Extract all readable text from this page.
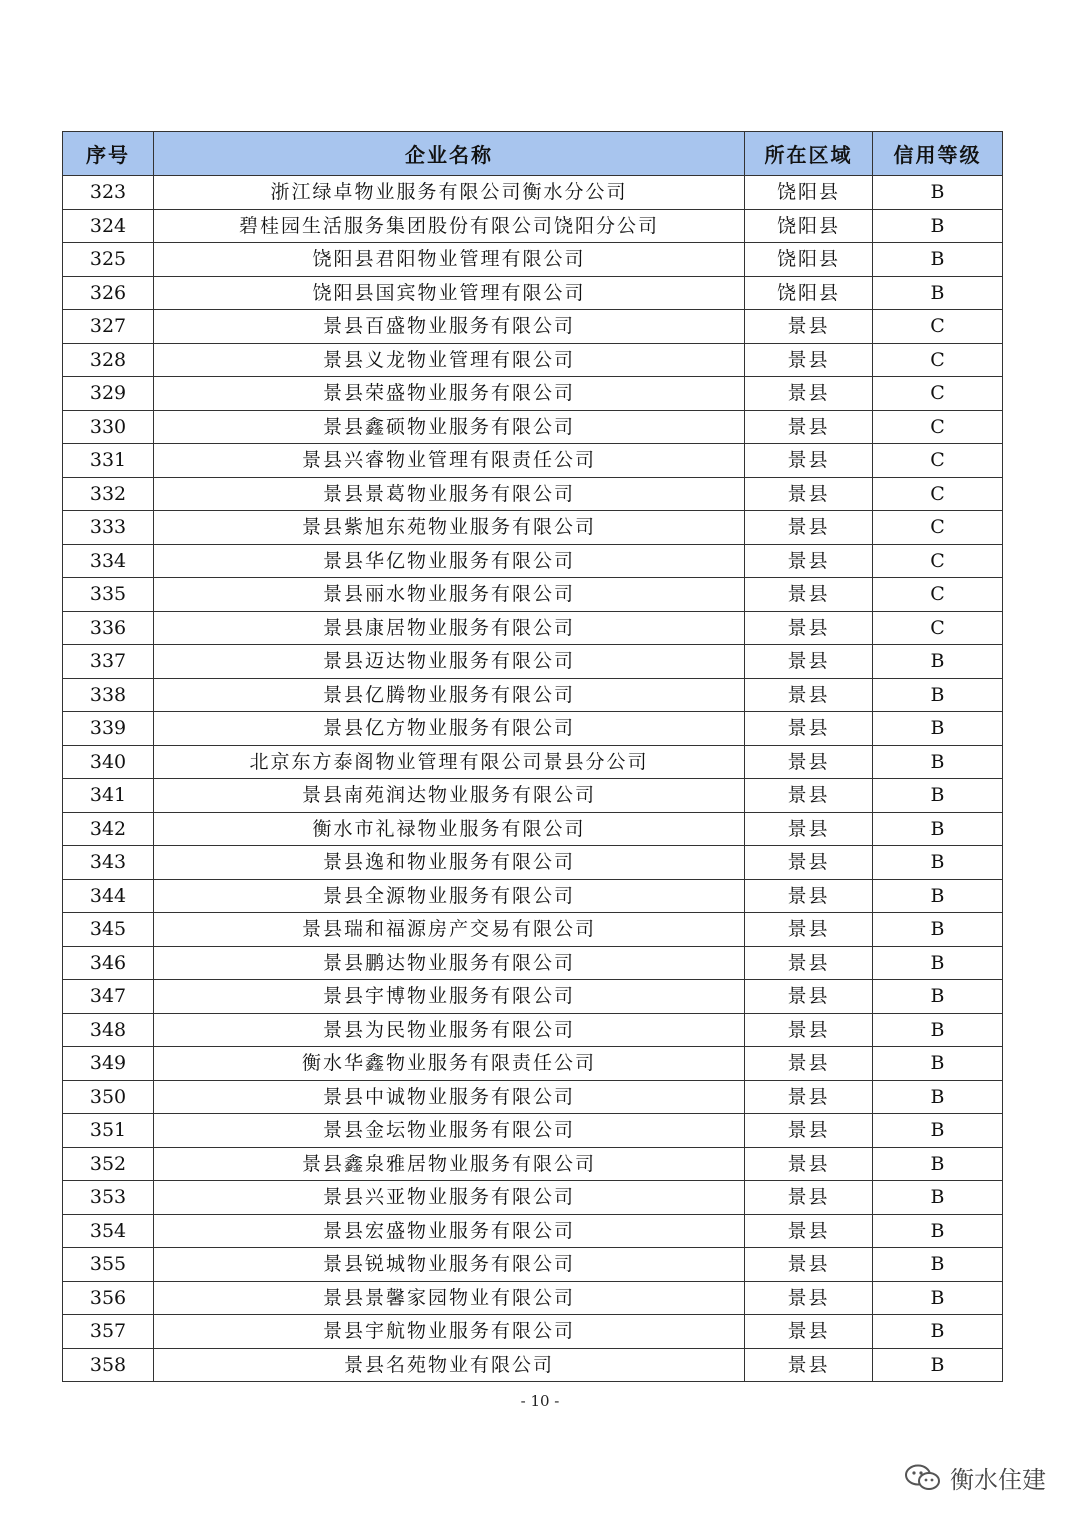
序号	企业名称	所在区域	信用等级
323	浙江绿卓物业服务有限公司衡水分公司	饶阳县	B
324	碧桂园生活服务集团股份有限公司饶阳分公司	饶阳县	B
325	饶阳县君阳物业管理有限公司	饶阳县	B
326	饶阳县国宾物业管理有限公司	饶阳县	B
327	景县百盛物业服务有限公司	景县	C
328	景县义龙物业管理有限公司	景县	C
329	景县荣盛物业服务有限公司	景县	C
330	景县鑫硕物业服务有限公司	景县	C
331	景县兴睿物业管理有限责任公司	景县	C
332	景县景葛物业服务有限公司	景县	C
333	景县紫旭东苑物业服务有限公司	景县	C
334	景县华亿物业服务有限公司	景县	C
335	景县丽水物业服务有限公司	景县	C
336	景县康居物业服务有限公司	景县	C
337	景县迈达物业服务有限公司	景县	B
338	景县亿腾物业服务有限公司	景县	B
339	景县亿方物业服务有限公司	景县	B
340	北京东方泰阁物业管理有限公司景县分公司	景县	B
341	景县南苑润达物业服务有限公司	景县	B
342	衡水市礼禄物业服务有限公司	景县	B
343	景县逸和物业服务有限公司	景县	B
344	景县全源物业服务有限公司	景县	B
345	景县瑞和福源房产交易有限公司	景县	B
346	景县鹏达物业服务有限公司	景县	B
347	景县宇博物业服务有限公司	景县	B
348	景县为民物业服务有限公司	景县	B
349	衡水华鑫物业服务有限责任公司	景县	B
350	景县中诚物业服务有限公司	景县	B
351	景县金坛物业服务有限公司	景县	B
352	景县鑫泉雅居物业服务有限公司	景县	B
353	景县兴亚物业服务有限公司	景县	B
354	景县宏盛物业服务有限公司	景县	B
355	景县锐城物业服务有限公司	景县	B
356	景县景馨家园物业有限公司	景县	B
357	景县宇航物业服务有限公司	景县	B
358	景县名苑物业有限公司	景县	B
- 10 -
衡水住建
